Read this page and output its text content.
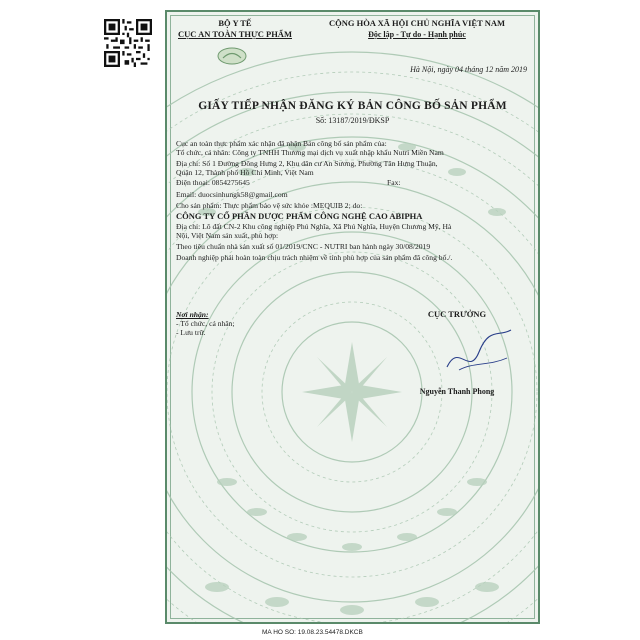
BỘ Y TẾ
CỤC AN TOÀN THỰC PHẨM
CỘNG HÒA XÃ HỘI CHỦ NGHĨA VIỆT NAM
Độc lập - Tự do - Hạnh phúc
Hà Nội, ngày 04 tháng 12 năm 2019
GIẤY TIẾP NHẬN ĐĂNG KÝ BẢN CÔNG BỐ SẢN PHẨM
Số: 13187/2019/ĐKSP
Cục an toàn thực phẩm xác nhận đã nhận Bản công bố sản phẩm của:
Tổ chức, cá nhân: Công ty TNHH Thương mại dịch vụ xuất nhập khẩu Nutri Miền Nam
Địa chỉ: Số 1 Đường Đông Hưng 2, Khu dân cư An Sương, Phường Tân Hưng Thuận,
Quận 12, Thành phố Hồ Chí Minh, Việt Nam
Điện thoại: 0854275645	Fax:
Email: duocsinhungk58@gmail.com
Cho sản phẩm: Thực phẩm bảo vệ sức khỏe :MEQUIB 2; do:
CÔNG TY CỔ PHẦN DƯỢC PHẨM CÔNG NGHỆ CAO ABIPHA
Địa chỉ: Lô đất CN-2 Khu công nghiệp Phú Nghĩa, Xã Phú Nghĩa, Huyện Chương Mỹ, Hà
Nội, Việt Nam sản xuất, phù hợp:
Theo tiêu chuẩn nhà sản xuất số 01/2019/CNC - NUTRI ban hành ngày 30/08/2019
Doanh nghiệp phải hoàn toàn chịu trách nhiệm về tính phù hợp của sản phẩm đã công bố./.
Nơi nhận:
- Tổ chức, cá nhân;
- Lưu trữ.
CỤC TRƯỞNG
Nguyễn Thanh Phong
MA HO SO: 19.08.23.54478.DKCB
